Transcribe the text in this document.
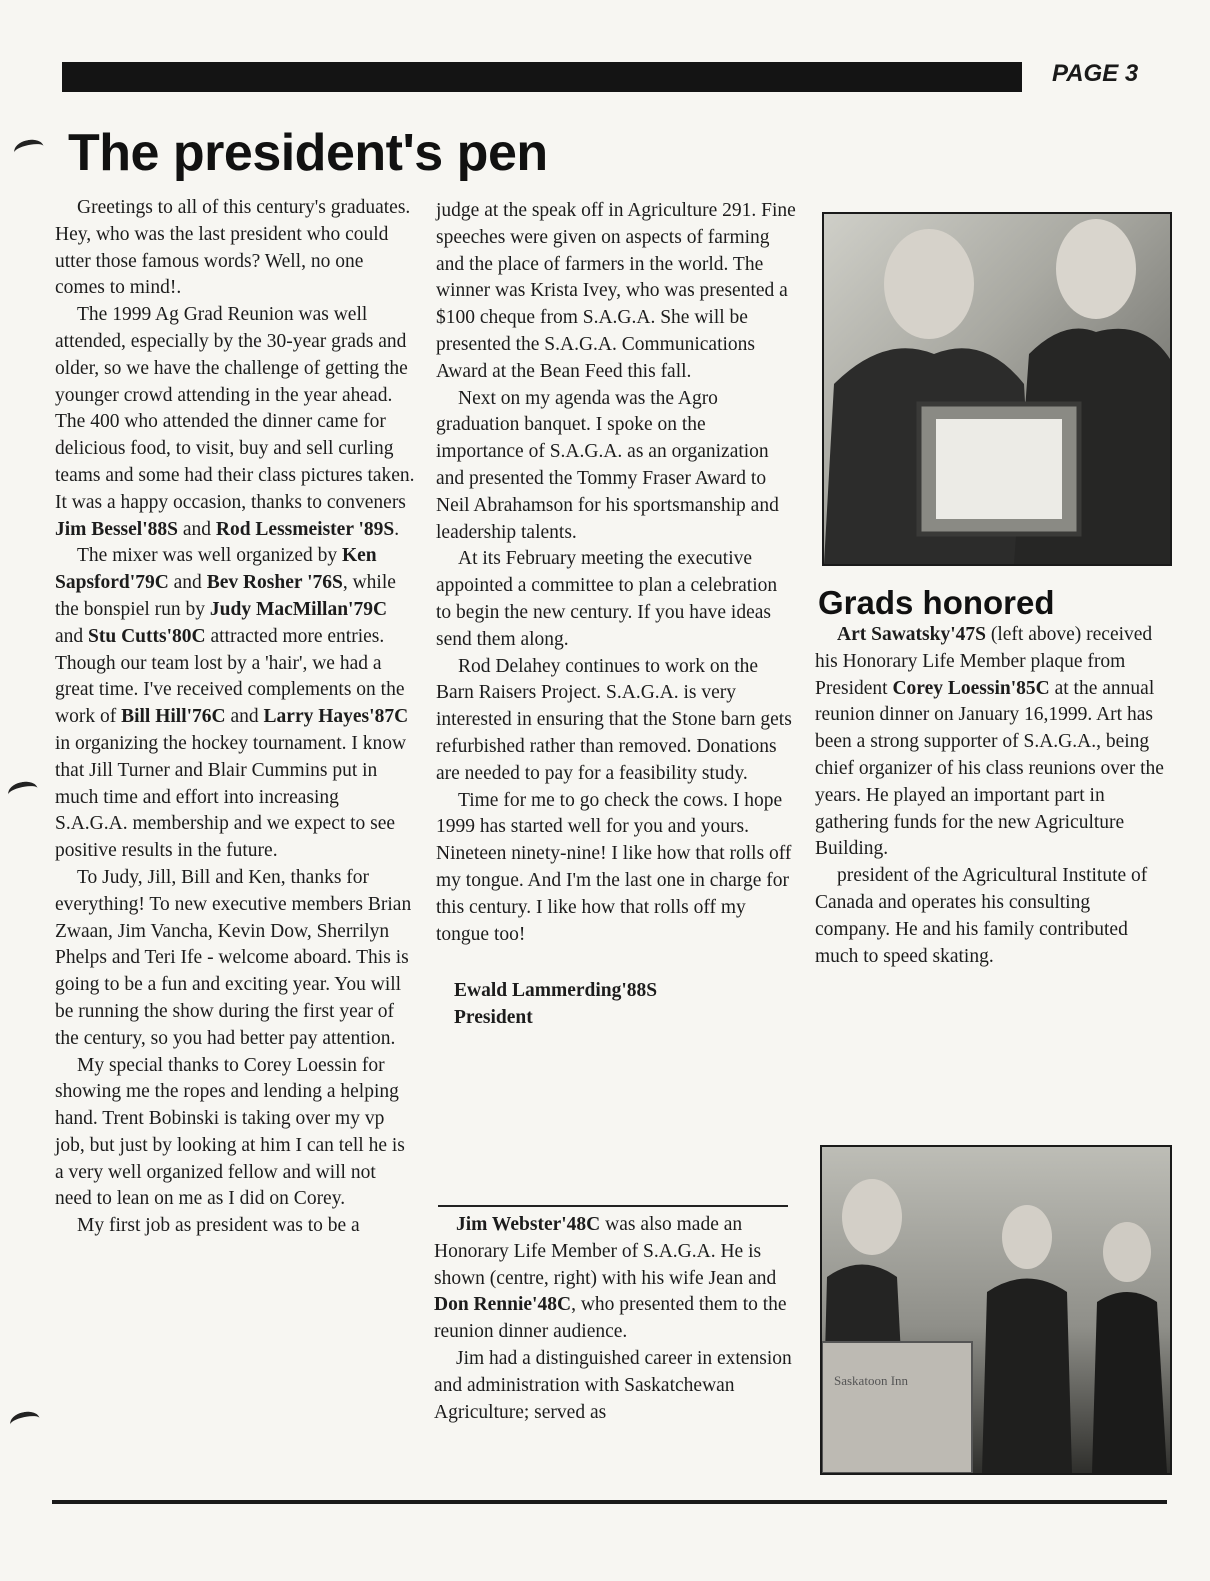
PAGE 3
The president's pen

Greetings to all of this century's graduates. Hey, who was the last president who could utter those famous words? Well, no one comes to mind!.

The 1999 Ag Grad Reunion was well attended, especially by the 30-year grads and older, so we have the challenge of getting the younger crowd attending in the year ahead. The 400 who attended the dinner came for delicious food, to visit, buy and sell curling teams and some had their class pictures taken. It was a happy occasion, thanks to conveners Jim Bessel'88S and Rod Lessmeister '89S.

The mixer was well organized by Ken Sapsford'79C and Bev Rosher '76S, while the bonspiel run by Judy MacMillan'79C and Stu Cutts'80C attracted more entries. Though our team lost by a 'hair', we had a great time. I've received complements on the work of Bill Hill'76C and Larry Hayes'87C in organizing the hockey tournament. I know that Jill Turner and Blair Cummins put in much time and effort into increasing S.A.G.A. membership and we expect to see positive results in the future.

To Judy, Jill, Bill and Ken, thanks for everything! To new executive members Brian Zwaan, Jim Vancha, Kevin Dow, Sherrilyn Phelps and Teri Ife - welcome aboard. This is going to be a fun and exciting year. You will be running the show during the first year of the century, so you had better pay attention.

My special thanks to Corey Loessin for showing me the ropes and lending a helping hand. Trent Bobinski is taking over my vp job, but just by looking at him I can tell he is a very well organized fellow and will not need to lean on me as I did on Corey.

My first job as president was to be a

judge at the speak off in Agriculture 291. Fine speeches were given on aspects of farming and the place of farmers in the world. The winner was Krista Ivey, who was presented a $100 cheque from S.A.G.A. She will be presented the S.A.G.A. Communications Award at the Bean Feed this fall.

Next on my agenda was the Agro graduation banquet. I spoke on the importance of S.A.G.A. as an organization and presented the Tommy Fraser Award to Neil Abrahamson for his sportsmanship and leadership talents.

At its February meeting the executive appointed a committee to plan a celebration to begin the new century. If you have ideas send them along.

Rod Delahey continues to work on the Barn Raisers Project. S.A.G.A. is very interested in ensuring that the Stone barn gets refurbished rather than removed. Donations are needed to pay for a feasibility study.

Time for me to go check the cows. I hope 1999 has started well for you and yours. Nineteen ninety-nine! I like how that rolls off my tongue. And I'm the last one in charge for this century. I like how that rolls off my tongue too!

Ewald Lammerding'88S
President

Jim Webster'48C was also made an Honorary Life Member of S.A.G.A. He is shown (centre, right) with his wife Jean and Don Rennie'48C, who presented them to the reunion dinner audience.

Jim had a distinguished career in extension and administration with Saskatchewan Agriculture; served as

Grads honored

Art Sawatsky'47S (left above) received his Honorary Life Member plaque from President Corey Loessin'85C at the annual reunion dinner on January 16,1999. Art has been a strong supporter of S.A.G.A., being chief organizer of his class reunions over the years. He played an important part in gathering funds for the new Agriculture Building.

president of the Agricultural Institute of Canada and operates his consulting company. He and his family contributed much to speed skating.

Saskatoon Inn
